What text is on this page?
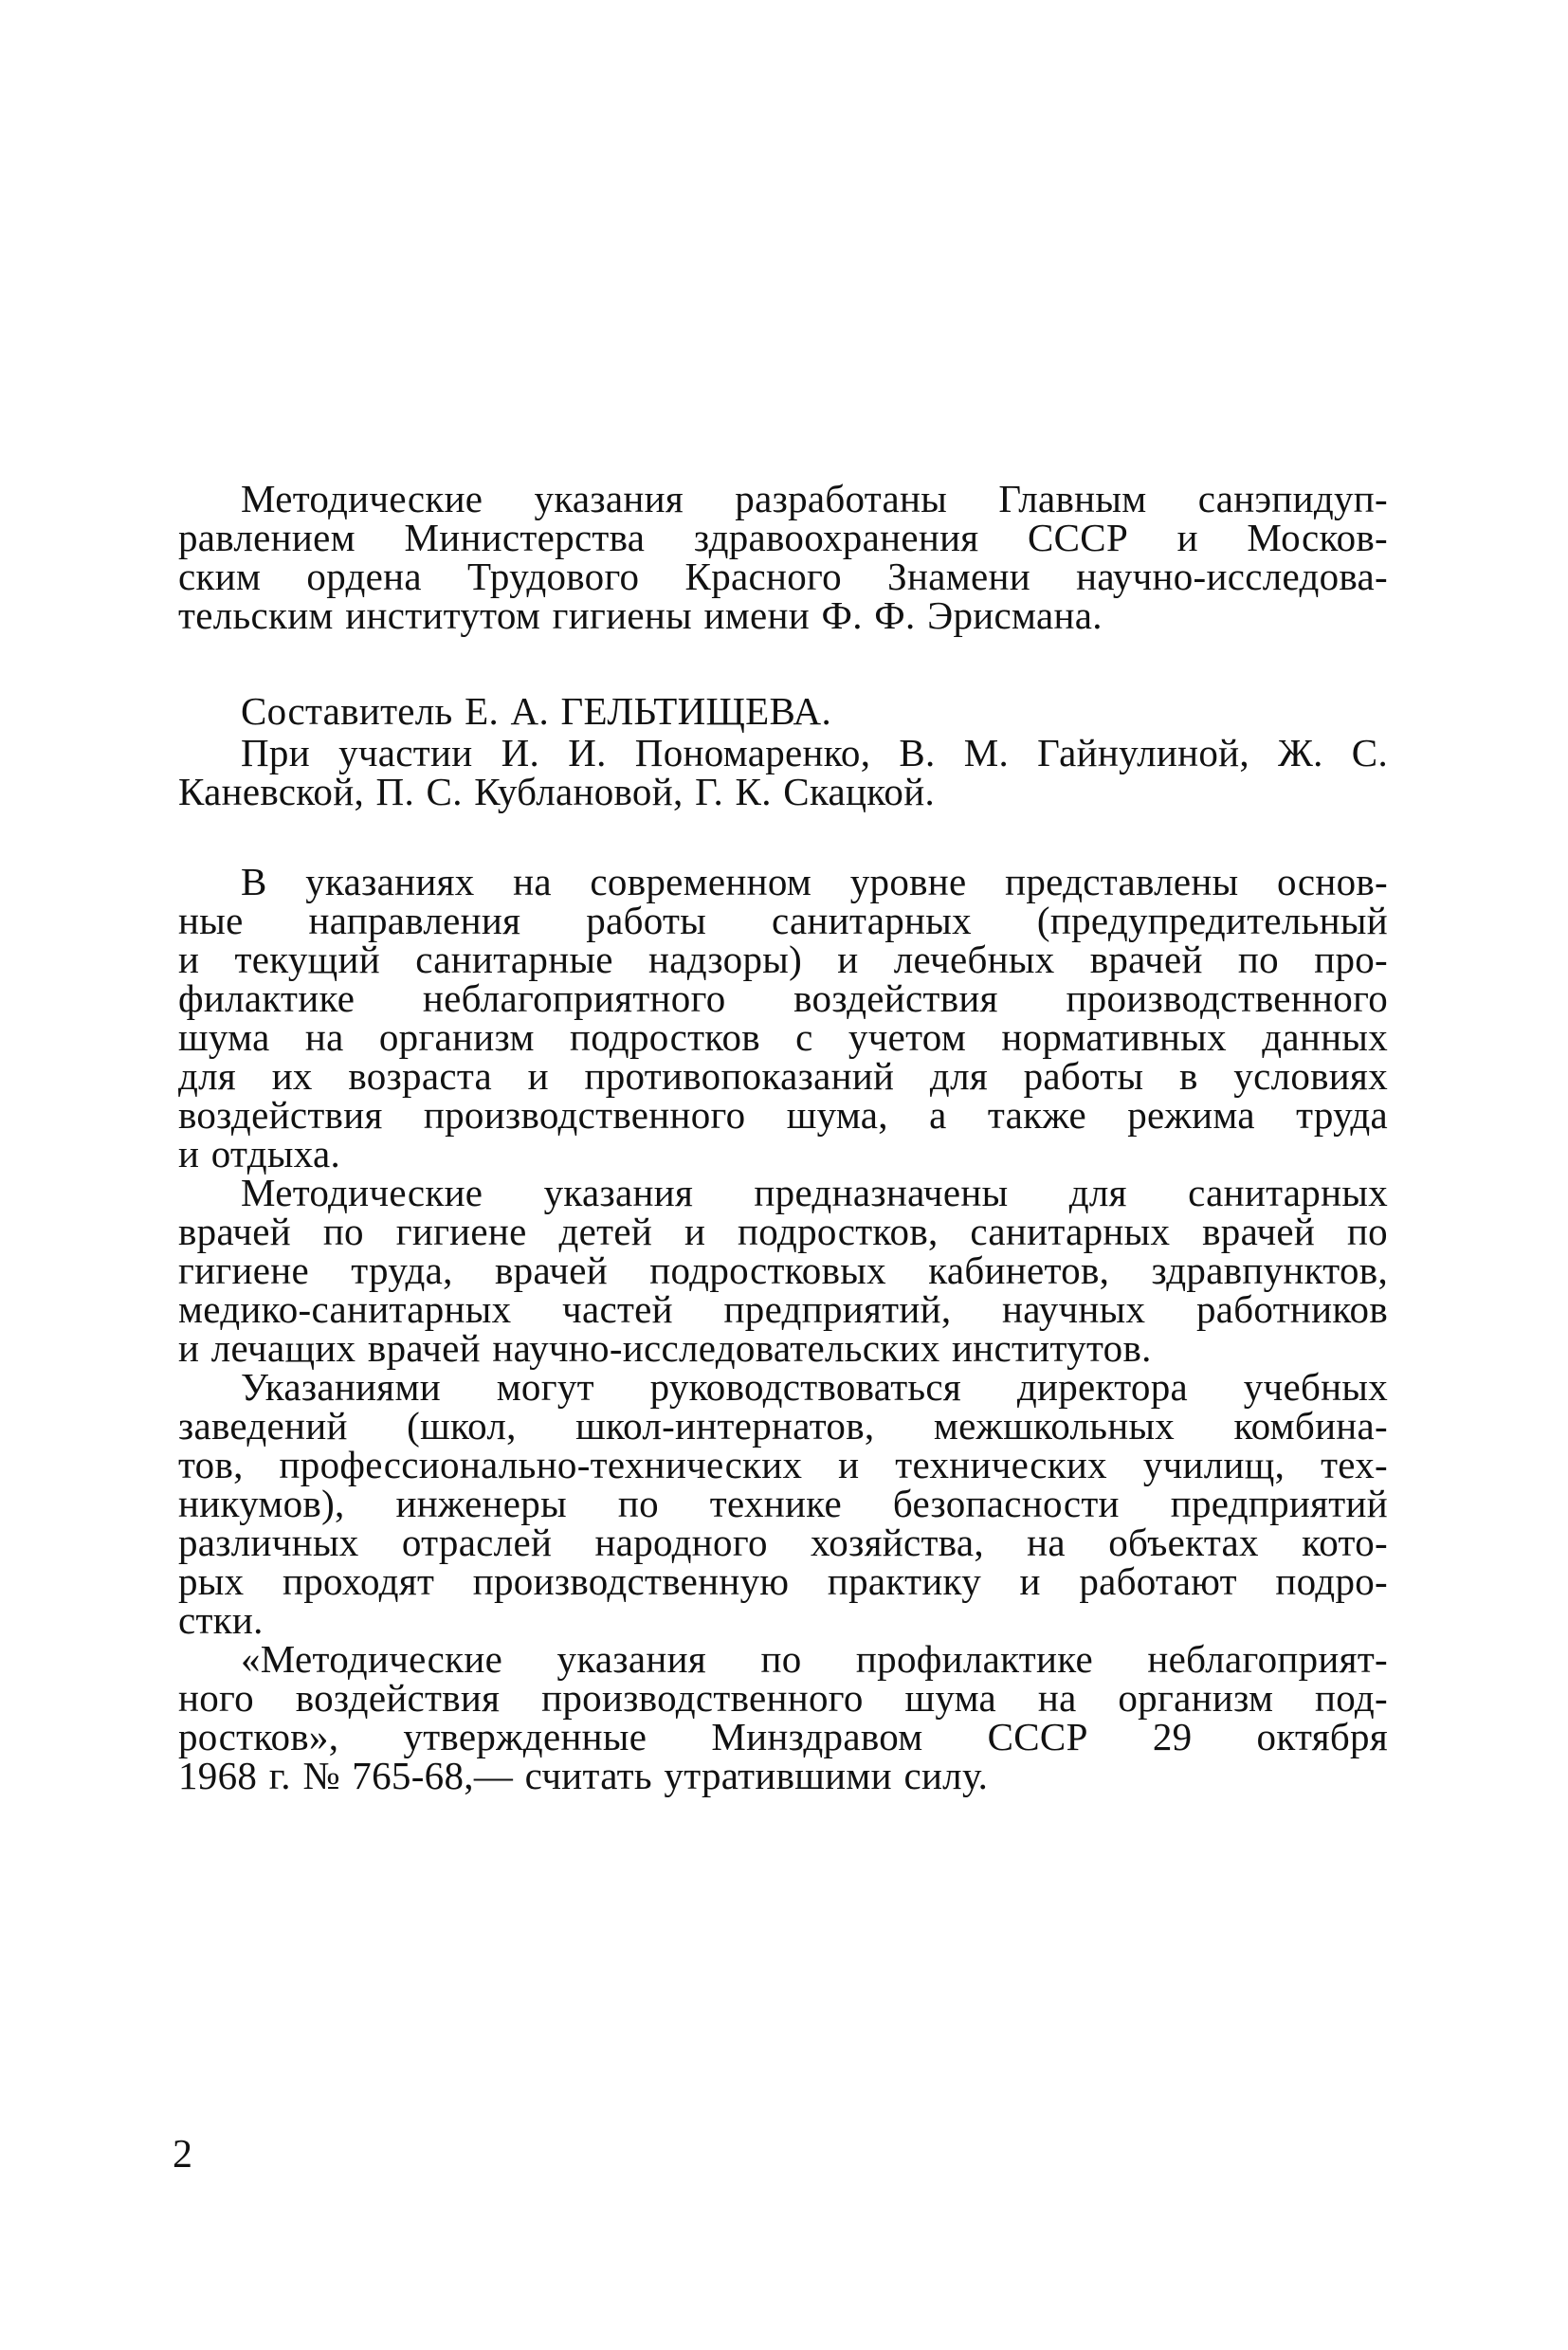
Методические указания разработаны Главным санэпидуп-
равлением Министерства здравоохранения СССР и Москов-
ским ордена Трудового Красного Знамени научно-исследова-
тельским институтом гигиены имени Ф. Ф. Эрисмана.
Составитель Е. А. ГЕЛЬТИЩЕВА.
При участии И. И. Пономаренко, В. М. Гайнулиной, Ж. С.
Каневской, П. С. Кублановой, Г. К. Скацкой.
В указаниях на современном уровне представлены основ-
ные направления работы санитарных (предупредительный
и текущий санитарные надзоры) и лечебных врачей по про-
филактике неблагоприятного воздействия производственного
шума на организм подростков с учетом нормативных данных
для их возраста и противопоказаний для работы в условиях
воздействия производственного шума, а также режима труда
и отдыха.
Методические указания предназначены для санитарных
врачей по гигиене детей и подростков, санитарных врачей по
гигиене труда, врачей подростковых кабинетов, здравпунктов,
медико-санитарных частей предприятий, научных работников
и лечащих врачей научно-исследовательских институтов.
Указаниями могут руководствоваться директора учебных
заведений (школ, школ-интернатов, межшкольных комбина-
тов, профессионально-технических и технических училищ, тех-
никумов), инженеры по технике безопасности предприятий
различных отраслей народного хозяйства, на объектах кото-
рых проходят производственную практику и работают подро-
стки.
«Методические указания по профилактике неблагоприят-
ного воздействия производственного шума на организм под-
ростков», утвержденные Минздравом СССР 29 октября
1968 г. № 765-68,— считать утратившими силу.
2
